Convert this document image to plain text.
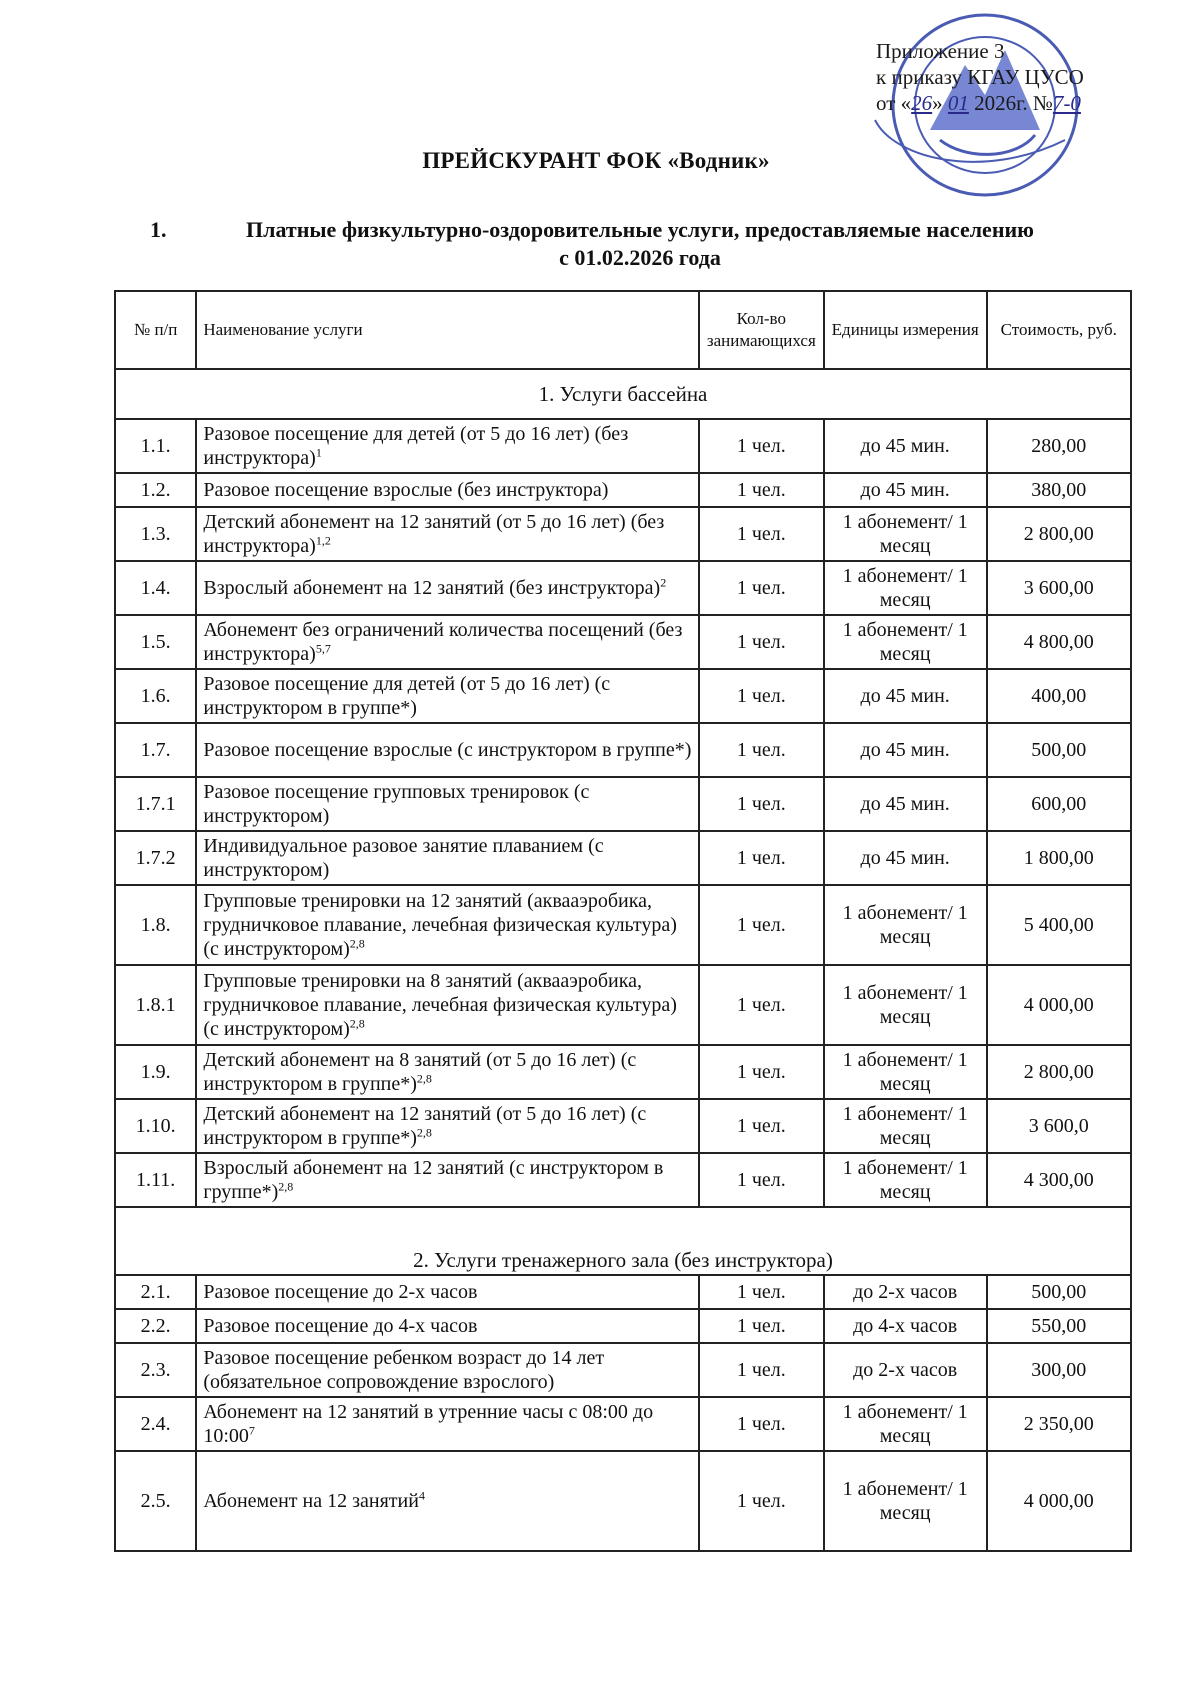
Приложение 3
к приказу КГАУ ЦУСО
от «26» 01 2026г. №7-0
ПРЕЙСКУРАНТ ФОК «Водник»
1.	Платные физкультурно-оздоровительные услуги, предоставляемые населению
с 01.02.2026 года
№ п/п	Наименование услуги	Кол-во занимающихся	Единицы измерения	Стоимость, руб.
1. Услуги бассейна				
1.1.	Разовое посещение для детей (от 5 до 16 лет) (без инструктора)$^1$	1 чел.	до 45 мин.	280,00
1.2.	Разовое посещение взрослые (без инструктора)	1 чел.	до 45 мин.	380,00
1.3.	Детский абонемент на 12 занятий (от 5 до 16 лет) (без инструктора)$^{1,2}$	1 чел.	1 абонемент/ 1 месяц	2 800,00
1.4.	Взрослый абонемент на 12 занятий (без инструктора)$^2$	1 чел.	1 абонемент/ 1 месяц	3 600,00
1.5.	Абонемент без ограничений количества посещений (без инструктора)$^{5,7}$	1 чел.	1 абонемент/ 1 месяц	4 800,00
1.6.	Разовое посещение для детей (от 5 до 16 лет) (с инструктором в группе*)	1 чел.	до 45 мин.	400,00
1.7.	Разовое посещение взрослые (с инструктором в группе*)	1 чел.	до 45 мин.	500,00
1.7.1	Разовое посещение групповых тренировок (с инструктором)	1 чел.	до 45 мин.	600,00
1.7.2	Индивидуальное разовое занятие плаванием (с инструктором)	1 чел.	до 45 мин.	1 800,00
1.8.	Групповые тренировки на 12 занятий (аквааэробика, грудничковое плавание, лечебная физическая культура) (с инструктором)$^{2,8}$	1 чел.	1 абонемент/ 1 месяц	5 400,00
1.8.1	Групповые тренировки на 8 занятий (аквааэробика, грудничковое плавание, лечебная физическая культура) (с инструктором)$^{2,8}$	1 чел.	1 абонемент/ 1 месяц	4 000,00
1.9.	Детский абонемент на 8 занятий (от 5 до 16 лет) (с инструктором в группе*)$^{2,8}$	1 чел.	1 абонемент/ 1 месяц	2 800,00
1.10.	Детский абонемент на 12 занятий (от 5 до 16 лет) (с инструктором в группе*)$^{2,8}$	1 чел.	1 абонемент/ 1 месяц	3 600,0
1.11.	Взрослый абонемент на 12 занятий (с инструктором в группе*)$^{2,8}$	1 чел.	1 абонемент/ 1 месяц	4 300,00
2. Услуги тренажерного зала (без инструктора)				
2.1.	Разовое посещение до 2-х часов	1 чел.	до 2-х часов	500,00
2.2.	Разовое посещение до 4-х часов	1 чел.	до 4-х часов	550,00
2.3.	Разовое посещение ребенком возраст до 14 лет (обязательное сопровождение взрослого)	1 чел.	до 2-х часов	300,00
2.4.	Абонемент на 12 занятий в утренние часы с 08:00 до $10:00^7$	1 чел.	1 абонемент/ 1 месяц	2 350,00
2.5.	Абонемент на 12 занятий$^4$	1 чел.	1 абонемент/ 1 месяц	4 000,00
